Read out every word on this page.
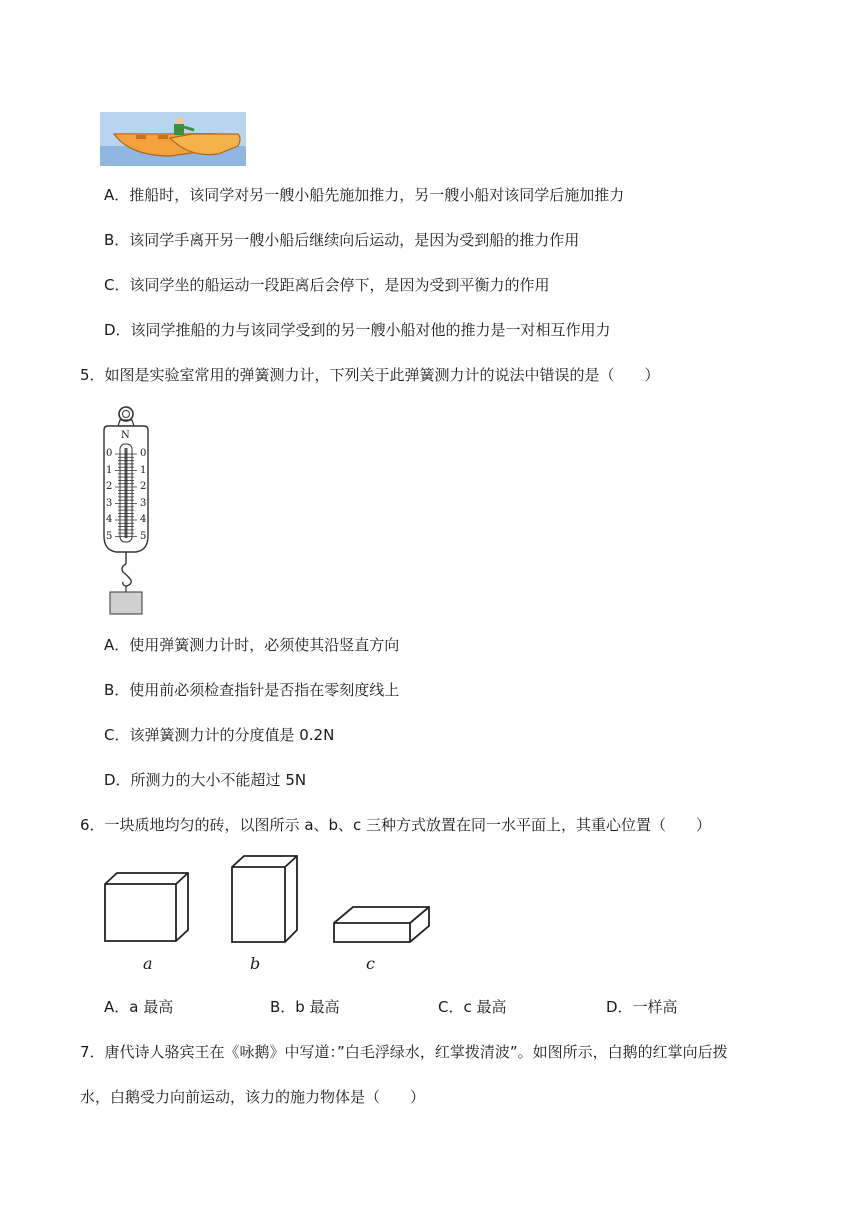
A．推船时，该同学对另一艘小船先施加推力，另一艘小船对该同学后施加推力
B．该同学手离开另一艘小船后继续向后运动，是因为受到船的推力作用
C．该同学坐的船运动一段距离后会停下，是因为受到平衡力的作用
D．该同学推船的力与该同学受到的另一艘小船对他的推力是一对相互作用力
5．如图是实验室常用的弹簧测力计，下列关于此弹簧测力计的说法中错误的是（　　）
N
0
1
2
3
4
5
0
1
2
3
4
5
A．使用弹簧测力计时，必须使其沿竖直方向
B．使用前必须检查指针是否指在零刻度线上
C．该弹簧测力计的分度值是 0.2N
D．所测力的大小不能超过 5N
6．一块质地均匀的砖，以图所示 a、b、c 三种方式放置在同一水平面上，其重心位置（　　）
a	b	c
A．a 最高	B．b 最高	C．c 最高	D．一样高
7．唐代诗人骆宾王在《咏鹅》中写道：”白毛浮绿水，红掌拨清波”。如图所示，白鹅的红掌向后拨
水，白鹅受力向前运动，该力的施力物体是（　　）
